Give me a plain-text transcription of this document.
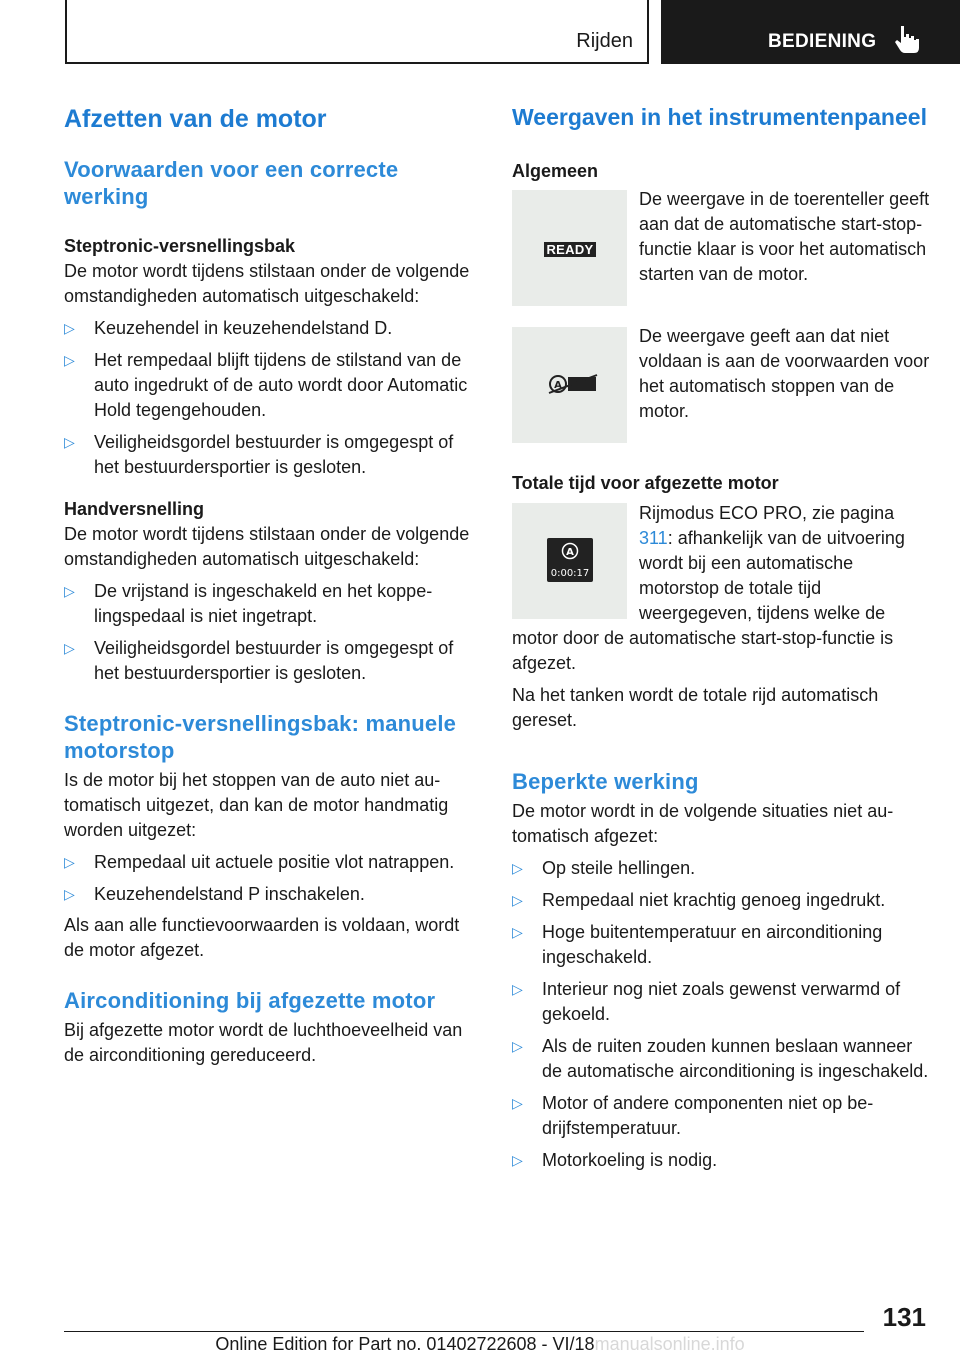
Rijden	BEDIENING
Afzetten van de motor
Voorwaarden voor een correcte werking
Steptronic-versnellingsbak

De motor wordt tijdens stilstaan onder de volgende omstandigheden automatisch uitgeschakeld:

▷ Keuzehendel in keuzehendelstand D.
▷ Het rempedaal blijft tijdens de stilstand van de auto ingedrukt of de auto wordt door Automatic Hold tegengehouden.
▷ Veiligheidsgordel bestuurder is omgegespt of het bestuurdersportier is gesloten.
Handversnelling

De motor wordt tijdens stilstaan onder de volgende omstandigheden automatisch uitgeschakeld:

▷ De vrijstand is ingeschakeld en het koppelingspedaal is niet ingetrapt.
▷ Veiligheidsgordel bestuurder is omgegespt of het bestuurdersportier is gesloten.
Steptronic-versnellingsbak: manuele motorstop

Is de motor bij het stoppen van de auto niet automatisch uitgezet, dan kan de motor handmatig worden uitgezet:

▷ Rempedaal uit actuele positie vlot natrappen.
▷ Keuzehendelstand P inschakelen.

Als aan alle functievoorwaarden is voldaan, wordt de motor afgezet.

Airconditioning bij afgezette motor

Bij afgezette motor wordt de luchthoeveelheid van de airconditioning gereduceerd.

Weergaven in het instrumentenpaneel
Algemeen
READY
De weergave in de toerenteller geeft aan dat de automatische start-stop-functie klaar is voor het automatisch starten van de motor.
A
De weergave geeft aan dat niet voldaan is aan de voorwaarden voor het automatisch stoppen van de motor.
Totale tijd voor afgezette motor
A
0:00:17

Rijmodus ECO PRO, zie pagina 311: afhankelijk van de uitvoering wordt bij een automatische motorstop de totale tijd weergegeven, tijdens welke de motor door de automatische start-stop-functie is afgezet.

Na het tanken wordt de totale rijd automatisch gereset.

Beperkte werking

De motor wordt in de volgende situaties niet automatisch afgezet:

▷ Op steile hellingen.
▷ Rempedaal niet krachtig genoeg ingedrukt.
▷ Hoge buitentemperatuur en airconditioning ingeschakeld.
▷ Interieur nog niet zoals gewenst verwarmd of gekoeld.
▷ Als de ruiten zouden kunnen beslaan wanneer de automatische airconditioning is ingeschakeld.
▷ Motor of andere componenten niet op bedrijfstemperatuur.
▷ Motorkoeling is nodig.
131
Online Edition for Part no. 01402722608 - VI/18manualsonline.info
